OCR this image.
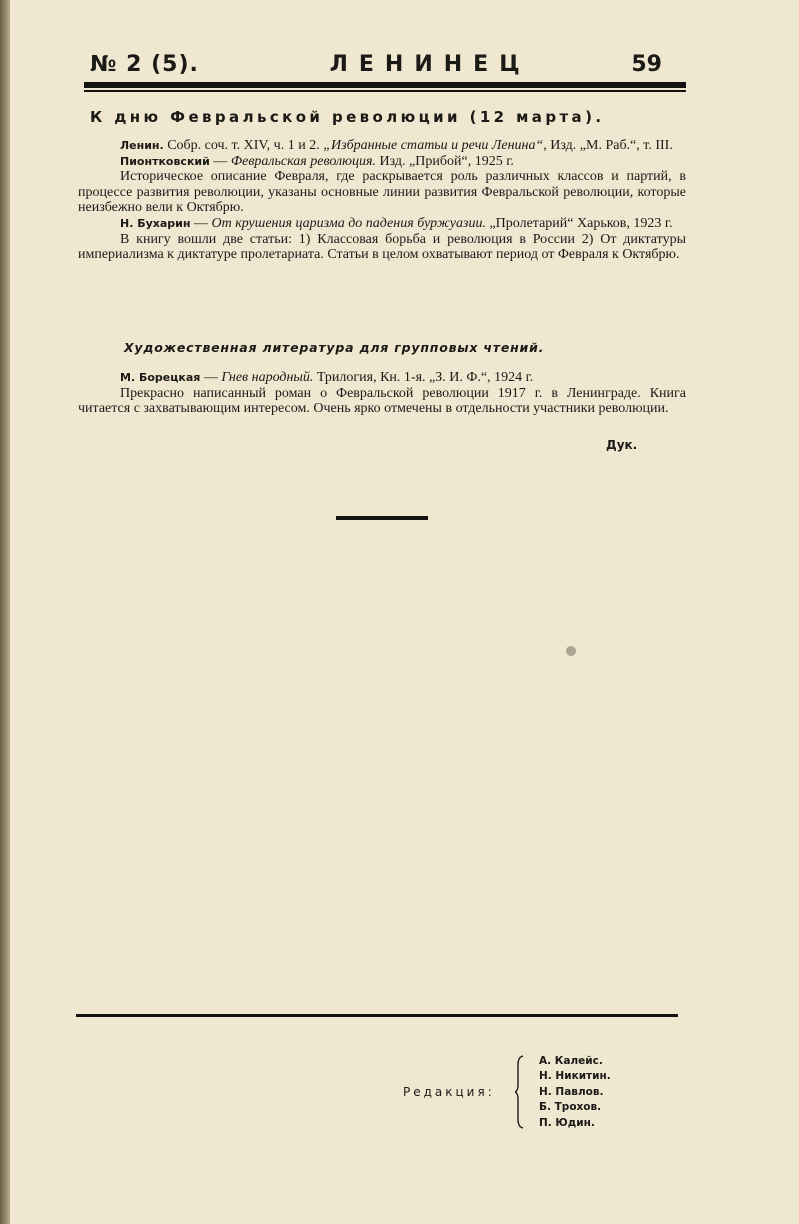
№ 2 (5).	ЛЕНИНЕЦ	59
К дню Февральской революции (12 марта).

Ленин. Собр. соч. т. XIV, ч. 1 и 2. „Избранные статьи и речи Ленина“, Изд. „М. Раб.“, т. III.

Пионтковский — Февральская революция. Изд. „Прибой“, 1925 г.

Историческое описание Февраля, где раскрывается роль различных классов и партий, в процессе развития революции, указаны основные линии развития Февральской революции, которые неизбежно вели к Октябрю.

Н. Бухарин — От крушения царизма до падения буржуазии. „Пролетарий“ Харьков, 1923 г.

В книгу вошли две статьи: 1) Классовая борьба и революция в России 2) От диктатуры империализма к диктатуре пролетариата. Статьи в целом охватывают период от Февраля к Октябрю.

Художественная литература для групповых чтений.

М. Борецкая — Гнев народный. Трилогия, Кн. 1-я. „З. И. Ф.“, 1924 г.

Прекрасно написанный роман о Февральской революции 1917 г. в Ленинграде. Книга читается с захватывающим интересом. Очень ярко отмечены в отдельности участники революции.

Дук.
Редакция:
А. Калейс.
Н. Никитин.
Н. Павлов.
Б. Трохов.
П. Юдин.
